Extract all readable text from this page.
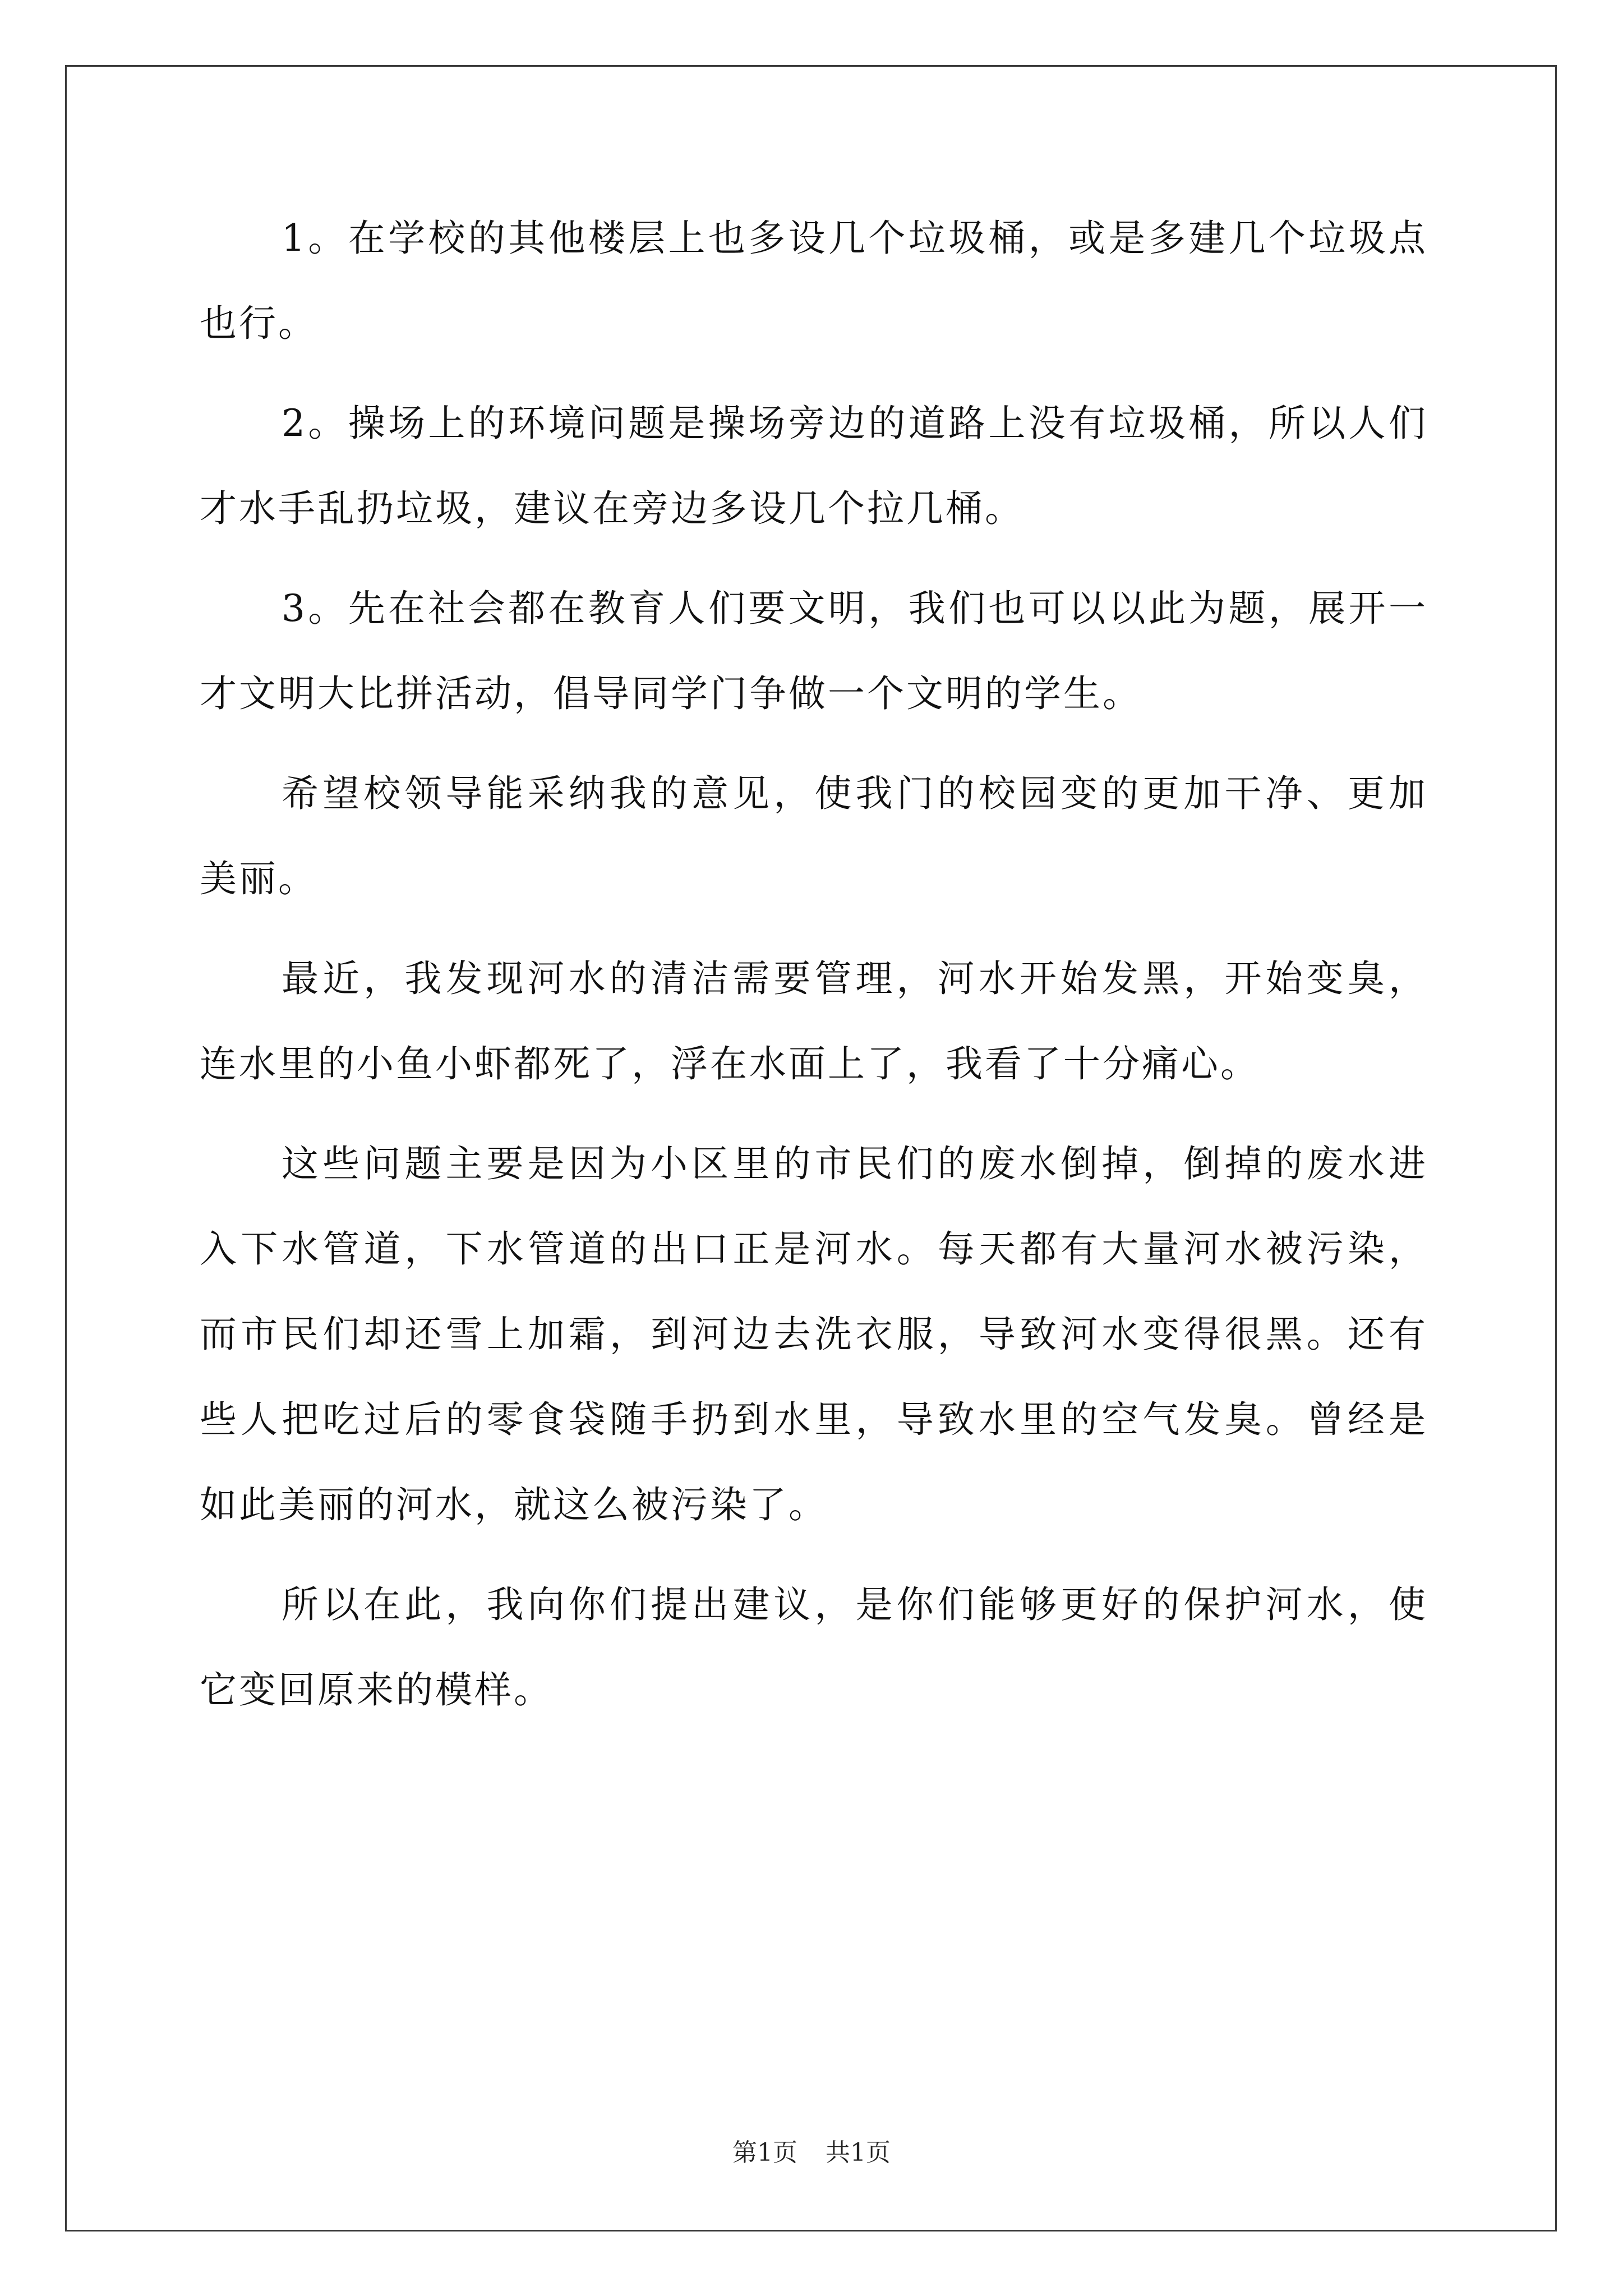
1。在学校的其他楼层上也多设几个垃圾桶，或是多建几个垃圾点
也行。
2。操场上的环境问题是操场旁边的道路上没有垃圾桶，所以人们
才水手乱扔垃圾，建议在旁边多设几个拉几桶。
3。先在社会都在教育人们要文明，我们也可以以此为题，展开一
才文明大比拼活动，倡导同学门争做一个文明的学生。
希望校领导能采纳我的意见，使我门的校园变的更加干净、更加
美丽。
最近，我发现河水的清洁需要管理，河水开始发黑，开始变臭，
连水里的小鱼小虾都死了，浮在水面上了，我看了十分痛心。
这些问题主要是因为小区里的市民们的废水倒掉，倒掉的废水进
入下水管道，下水管道的出口正是河水。每天都有大量河水被污染，
而市民们却还雪上加霜，到河边去洗衣服，导致河水变得很黑。还有
些人把吃过后的零食袋随手扔到水里，导致水里的空气发臭。曾经是
如此美丽的河水，就这么被污染了。
所以在此，我向你们提出建议，是你们能够更好的保护河水，使
它变回原来的模样。
第1页 共1页
